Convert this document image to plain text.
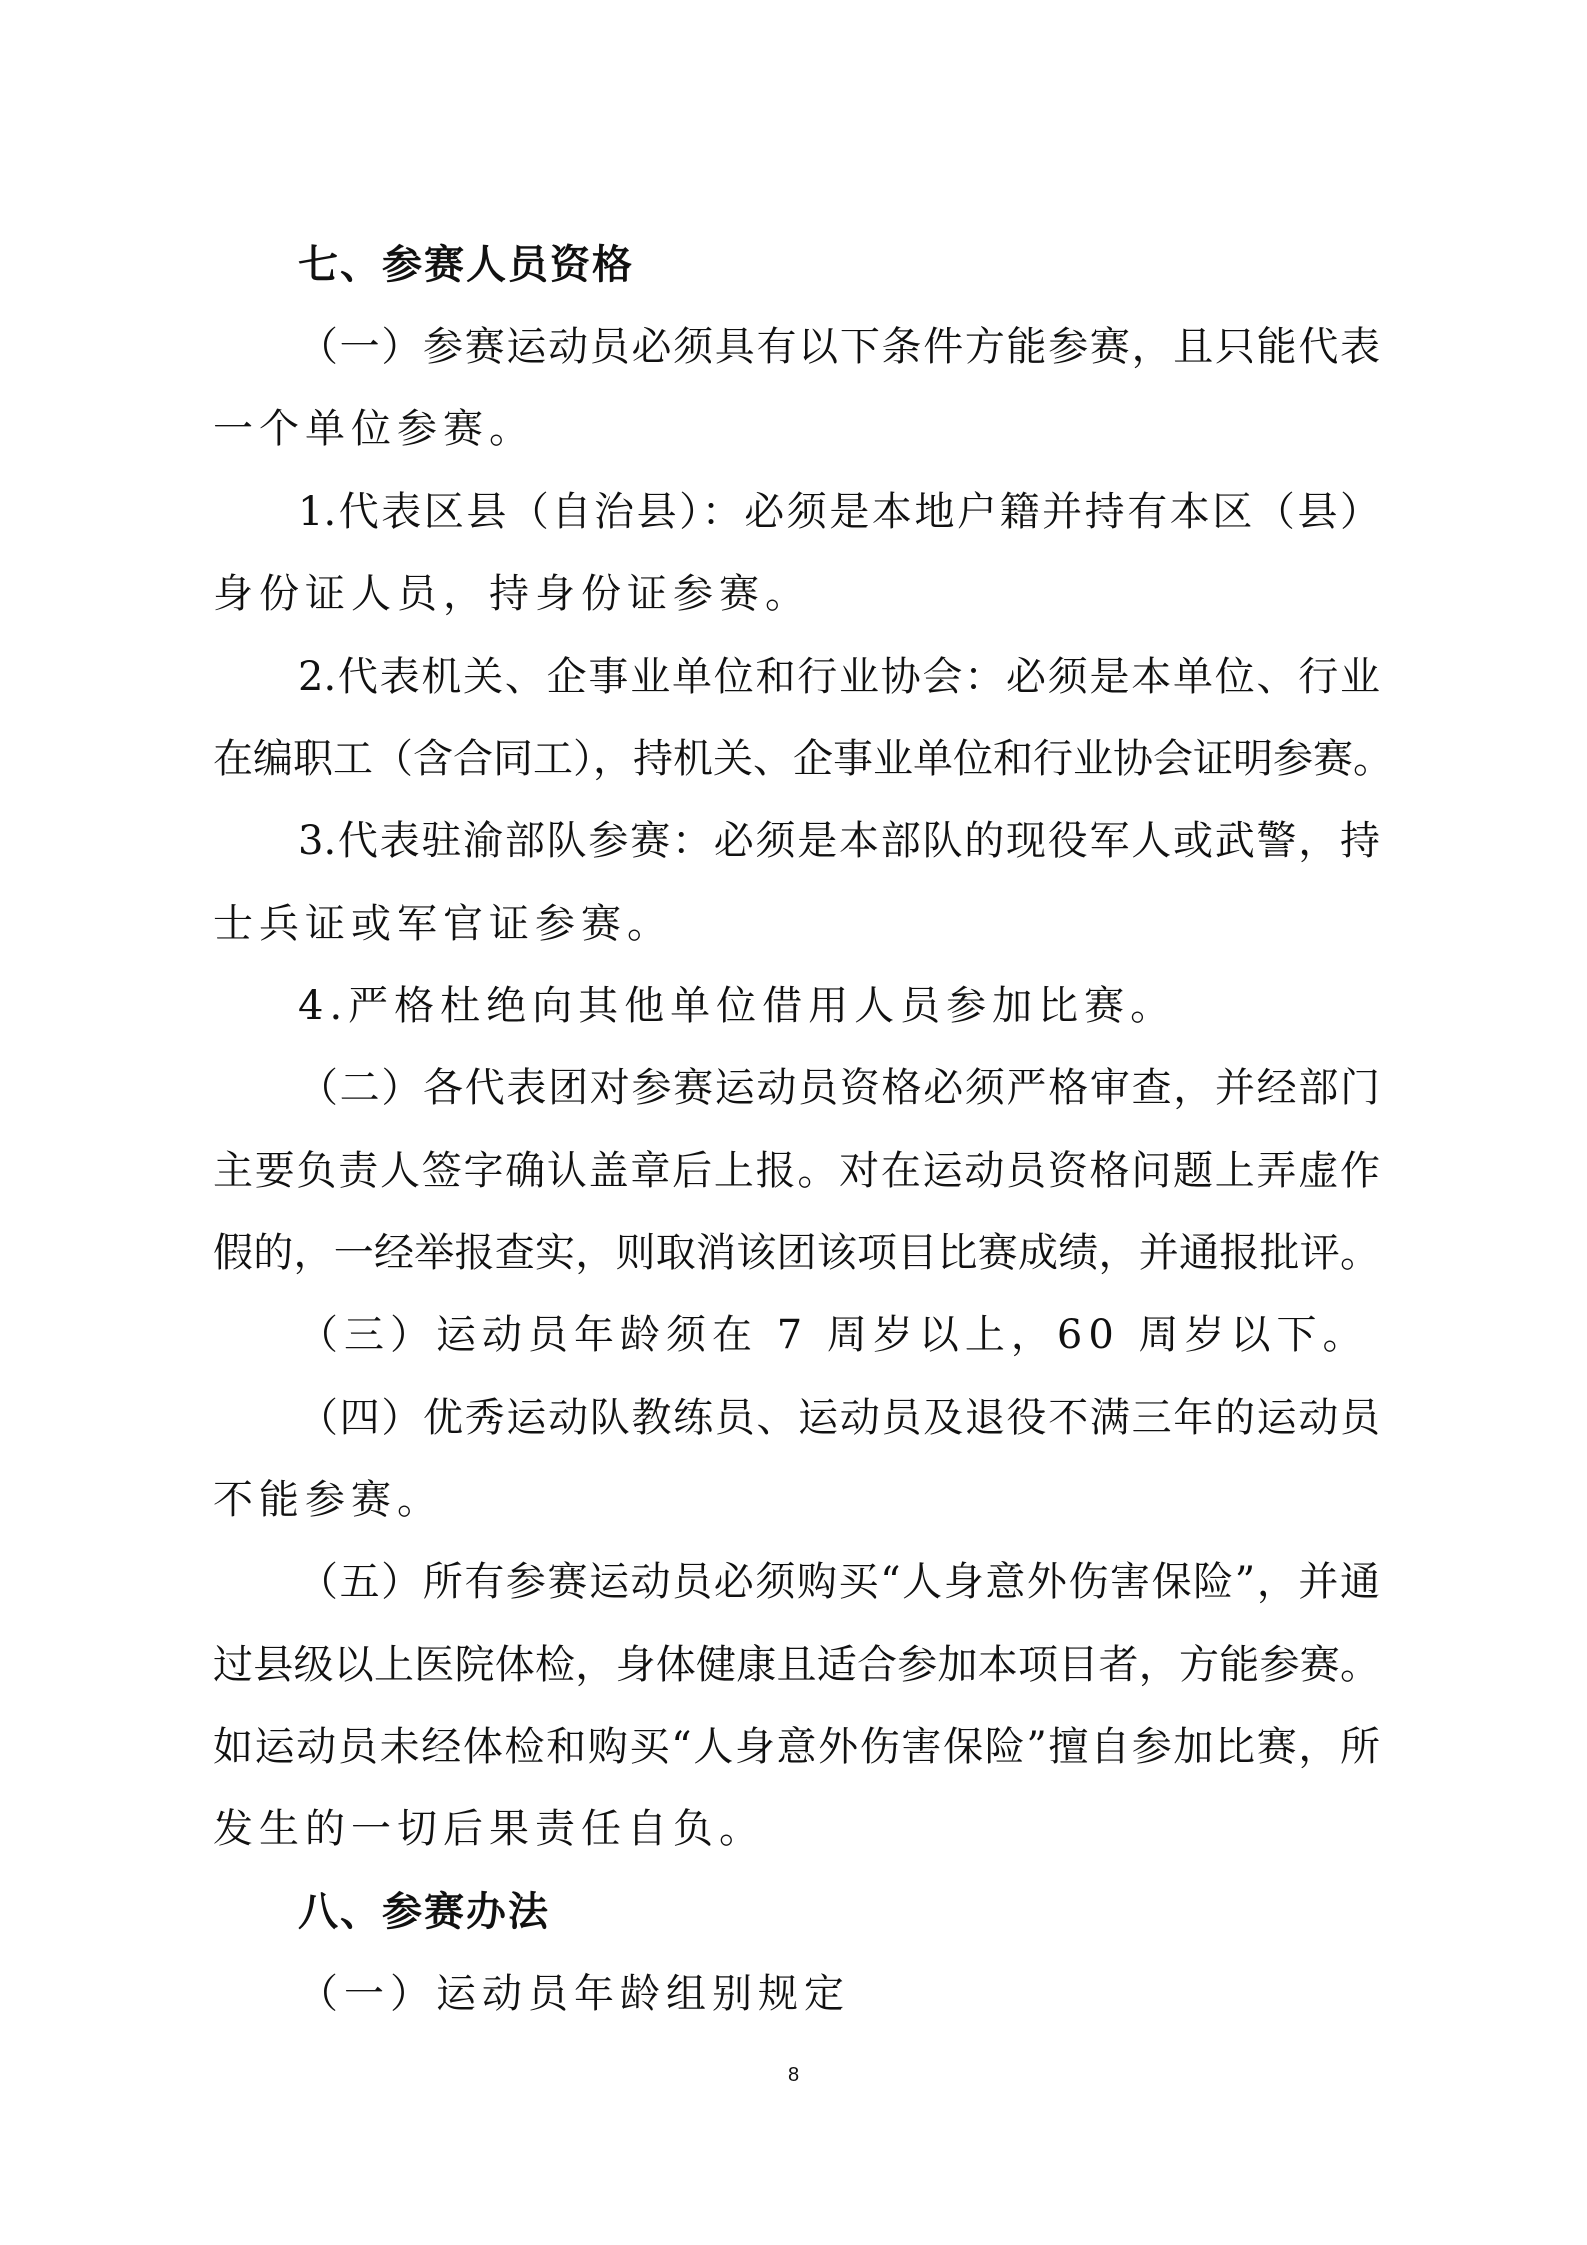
七、参赛人员资格
（一）参赛运动员必须具有以下条件方能参赛，且只能代表
一个单位参赛。
1.代表区县（自治县）：必须是本地户籍并持有本区（县）
身份证人员，持身份证参赛。
2.代表机关、企事业单位和行业协会：必须是本单位、行业
在编职工（含合同工），持机关、企事业单位和行业协会证明参赛。
3.代表驻渝部队参赛：必须是本部队的现役军人或武警，持
士兵证或军官证参赛。
4.严格杜绝向其他单位借用人员参加比赛。
（二）各代表团对参赛运动员资格必须严格审查，并经部门
主要负责人签字确认盖章后上报。对在运动员资格问题上弄虚作
假的，一经举报查实，则取消该团该项目比赛成绩，并通报批评。
（三）运动员年龄须在 7 周岁以上，60 周岁以下。
（四）优秀运动队教练员、运动员及退役不满三年的运动员
不能参赛。
（五）所有参赛运动员必须购买“人身意外伤害保险”，并通
过县级以上医院体检，身体健康且适合参加本项目者，方能参赛。
如运动员未经体检和购买“人身意外伤害保险”擅自参加比赛，所
发生的一切后果责任自负。
八、参赛办法
（一）运动员年龄组别规定
8
